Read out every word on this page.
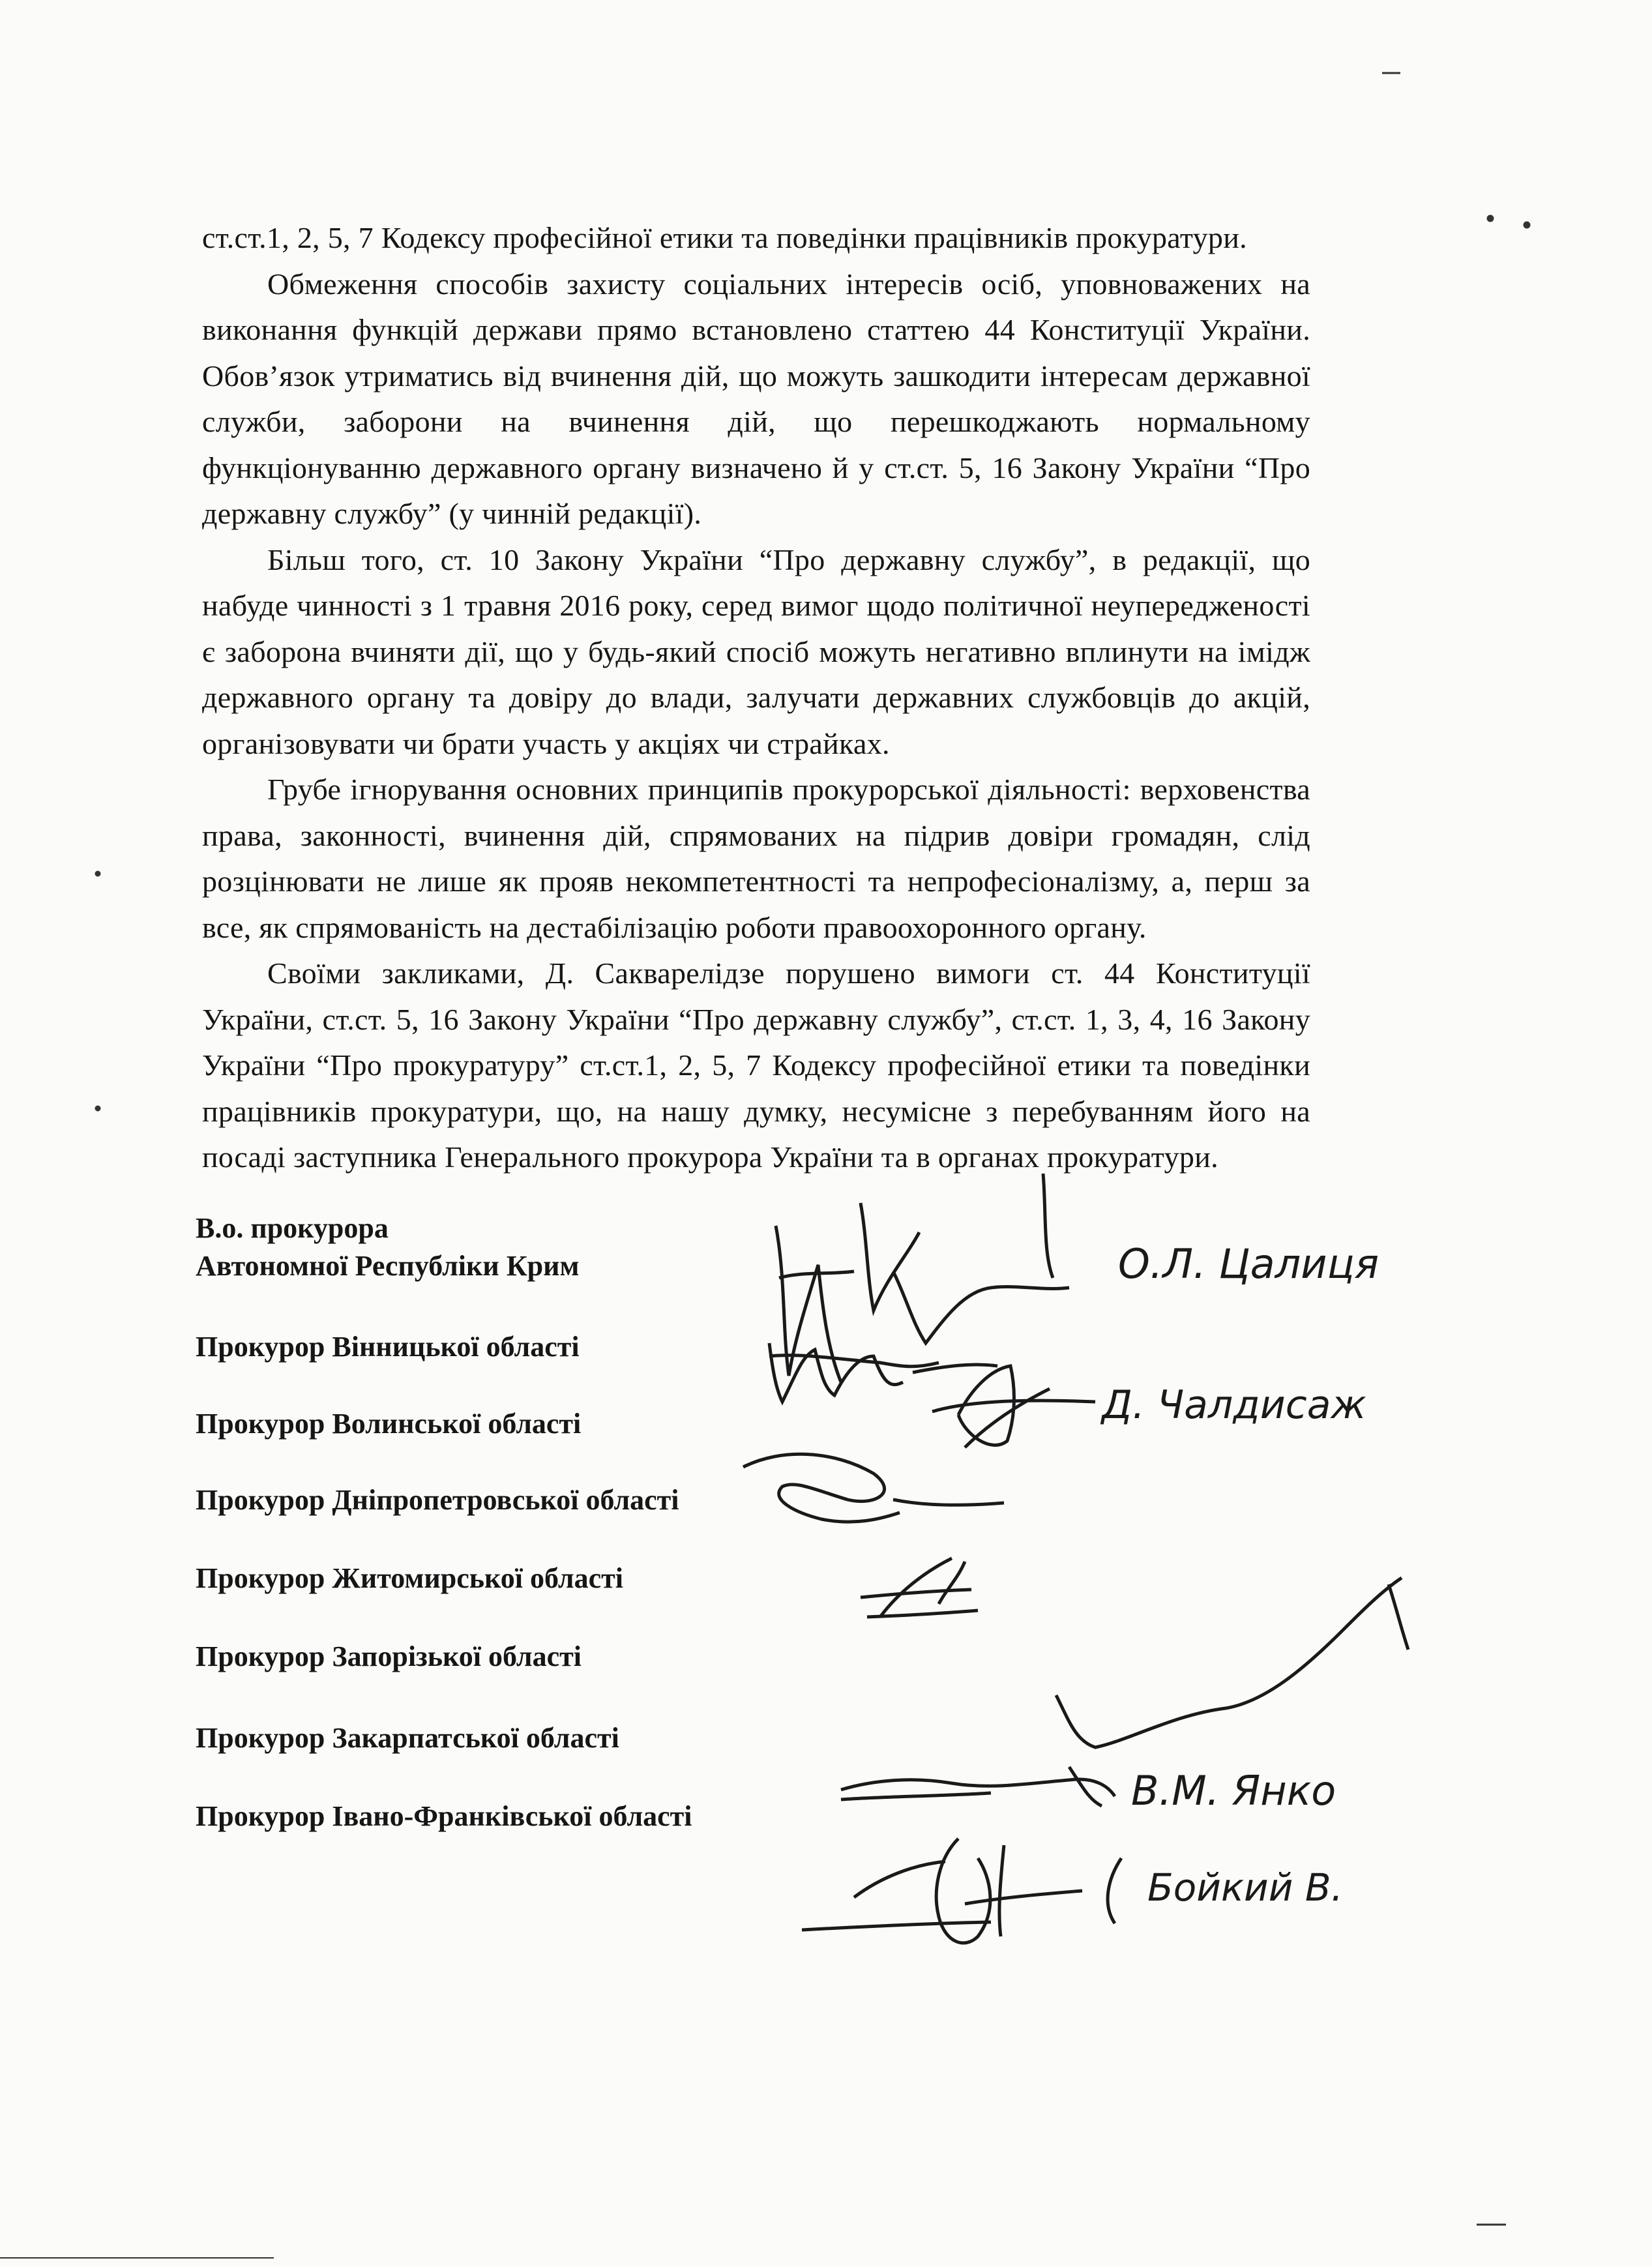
ст.ст.1, 2, 5, 7 Кодексу професійної етики та поведінки працівників прокуратури.

Обмеження способів захисту соціальних інтересів осіб, уповноважених на виконання функцій держави прямо встановлено статтею 44 Конституції України. Обов’язок утриматись від вчинення дій, що можуть зашкодити інтересам державної служби, заборони на вчинення дій, що перешкоджають нормальному функціонуванню державного органу визначено й у ст.ст. 5, 16 Закону України “Про державну службу” (у чинній редакції).

Більш того, ст. 10 Закону України “Про державну службу”, в редакції, що набуде чинності з 1 травня 2016 року, серед вимог щодо політичної неупередженості є заборона вчиняти дії, що у будь-який спосіб можуть негативно вплинути на імідж державного органу та довіру до влади, залучати державних службовців до акцій, організовувати чи брати участь у акціях чи страйках.

Грубе ігнорування основних принципів прокурорської діяльності: верховенства права, законності, вчинення дій, спрямованих на підрив довіри громадян, слід розцінювати не лише як прояв некомпетентності та непрофесіоналізму, а, перш за все, як спрямованість на дестабілізацію роботи правоохоронного органу.

Своїми закликами, Д. Сакварелідзе порушено вимоги ст. 44 Конституції України, ст.ст. 5, 16 Закону України “Про державну службу”, ст.ст. 1, 3, 4, 16 Закону України “Про прокуратуру” ст.ст.1, 2, 5, 7 Кодексу професійної етики та поведінки працівників прокуратури, що, на нашу думку, несумісне з перебуванням його на посаді заступника Генерального прокурора України та в органах прокуратури.

В.о. прокурора
Автономної Республіки Крим
Прокурор Вінницької області
Прокурор Волинської області
Прокурор Дніпропетровської області
Прокурор Житомирської області
Прокурор Запорізької області
Прокурор Закарпатської області
Прокурор Івано-Франківської області
О.Л. Цалиця
Д. Чалдисаж
В.М. Янко
Бойкий В.
